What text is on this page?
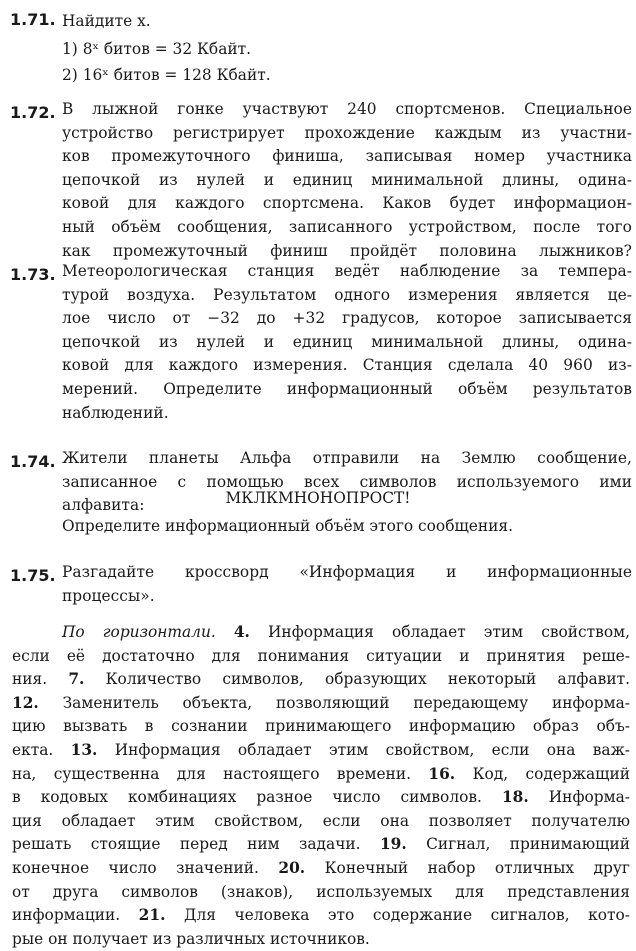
1.71. Найдите x.
1) 8ˣ битов = 32 Кбайт.
2) 16ˣ битов = 128 Кбайт.
1.72. В лыжной гонке участвуют 240 спортсменов. Специальное
устройство регистрирует прохождение каждым из участни-
ков промежуточного финиша, записывая номер участника
цепочкой из нулей и единиц минимальной длины, одина-
ковой для каждого спортсмена. Каков будет информацион-
ный объём сообщения, записанного устройством, после того
как промежуточный финиш пройдёт половина лыжников?
1.73. Метеорологическая станция ведёт наблюдение за темпера-
турой воздуха. Результатом одного измерения является це-
лое число от −32 до +32 градусов, которое записывается
цепочкой из нулей и единиц минимальной длины, одина-
ковой для каждого измерения. Станция сделала 40 960 из-
мерений. Определите информационный объём результатов
наблюдений.
1.74. Жители планеты Альфа отправили на Землю сообщение,
записанное с помощью всех символов используемого ими
алфавита:	МКЛКМНОНОПРОСТ!
Определите информационный объём этого сообщения.
1.75. Разгадайте кроссворд «Информация и информационные
процессы».
По горизонтали. 4. Информация обладает этим свойством,
если её достаточно для понимания ситуации и принятия реше-
ния. 7. Количество символов, образующих некоторый алфавит.
12. Заменитель объекта, позволяющий передающему информа-
цию вызвать в сознании принимающего информацию образ объ-
екта. 13. Информация обладает этим свойством, если она важ-
на, существенна для настоящего времени. 16. Код, содержащий
в кодовых комбинациях разное число символов. 18. Информа-
ция обладает этим свойством, если она позволяет получателю
решать стоящие перед ним задачи. 19. Сигнал, принимающий
конечное число значений. 20. Конечный набор отличных друг
от друга символов (знаков), используемых для представления
информации. 21. Для человека это содержание сигналов, кото-
рые он получает из различных источников.
